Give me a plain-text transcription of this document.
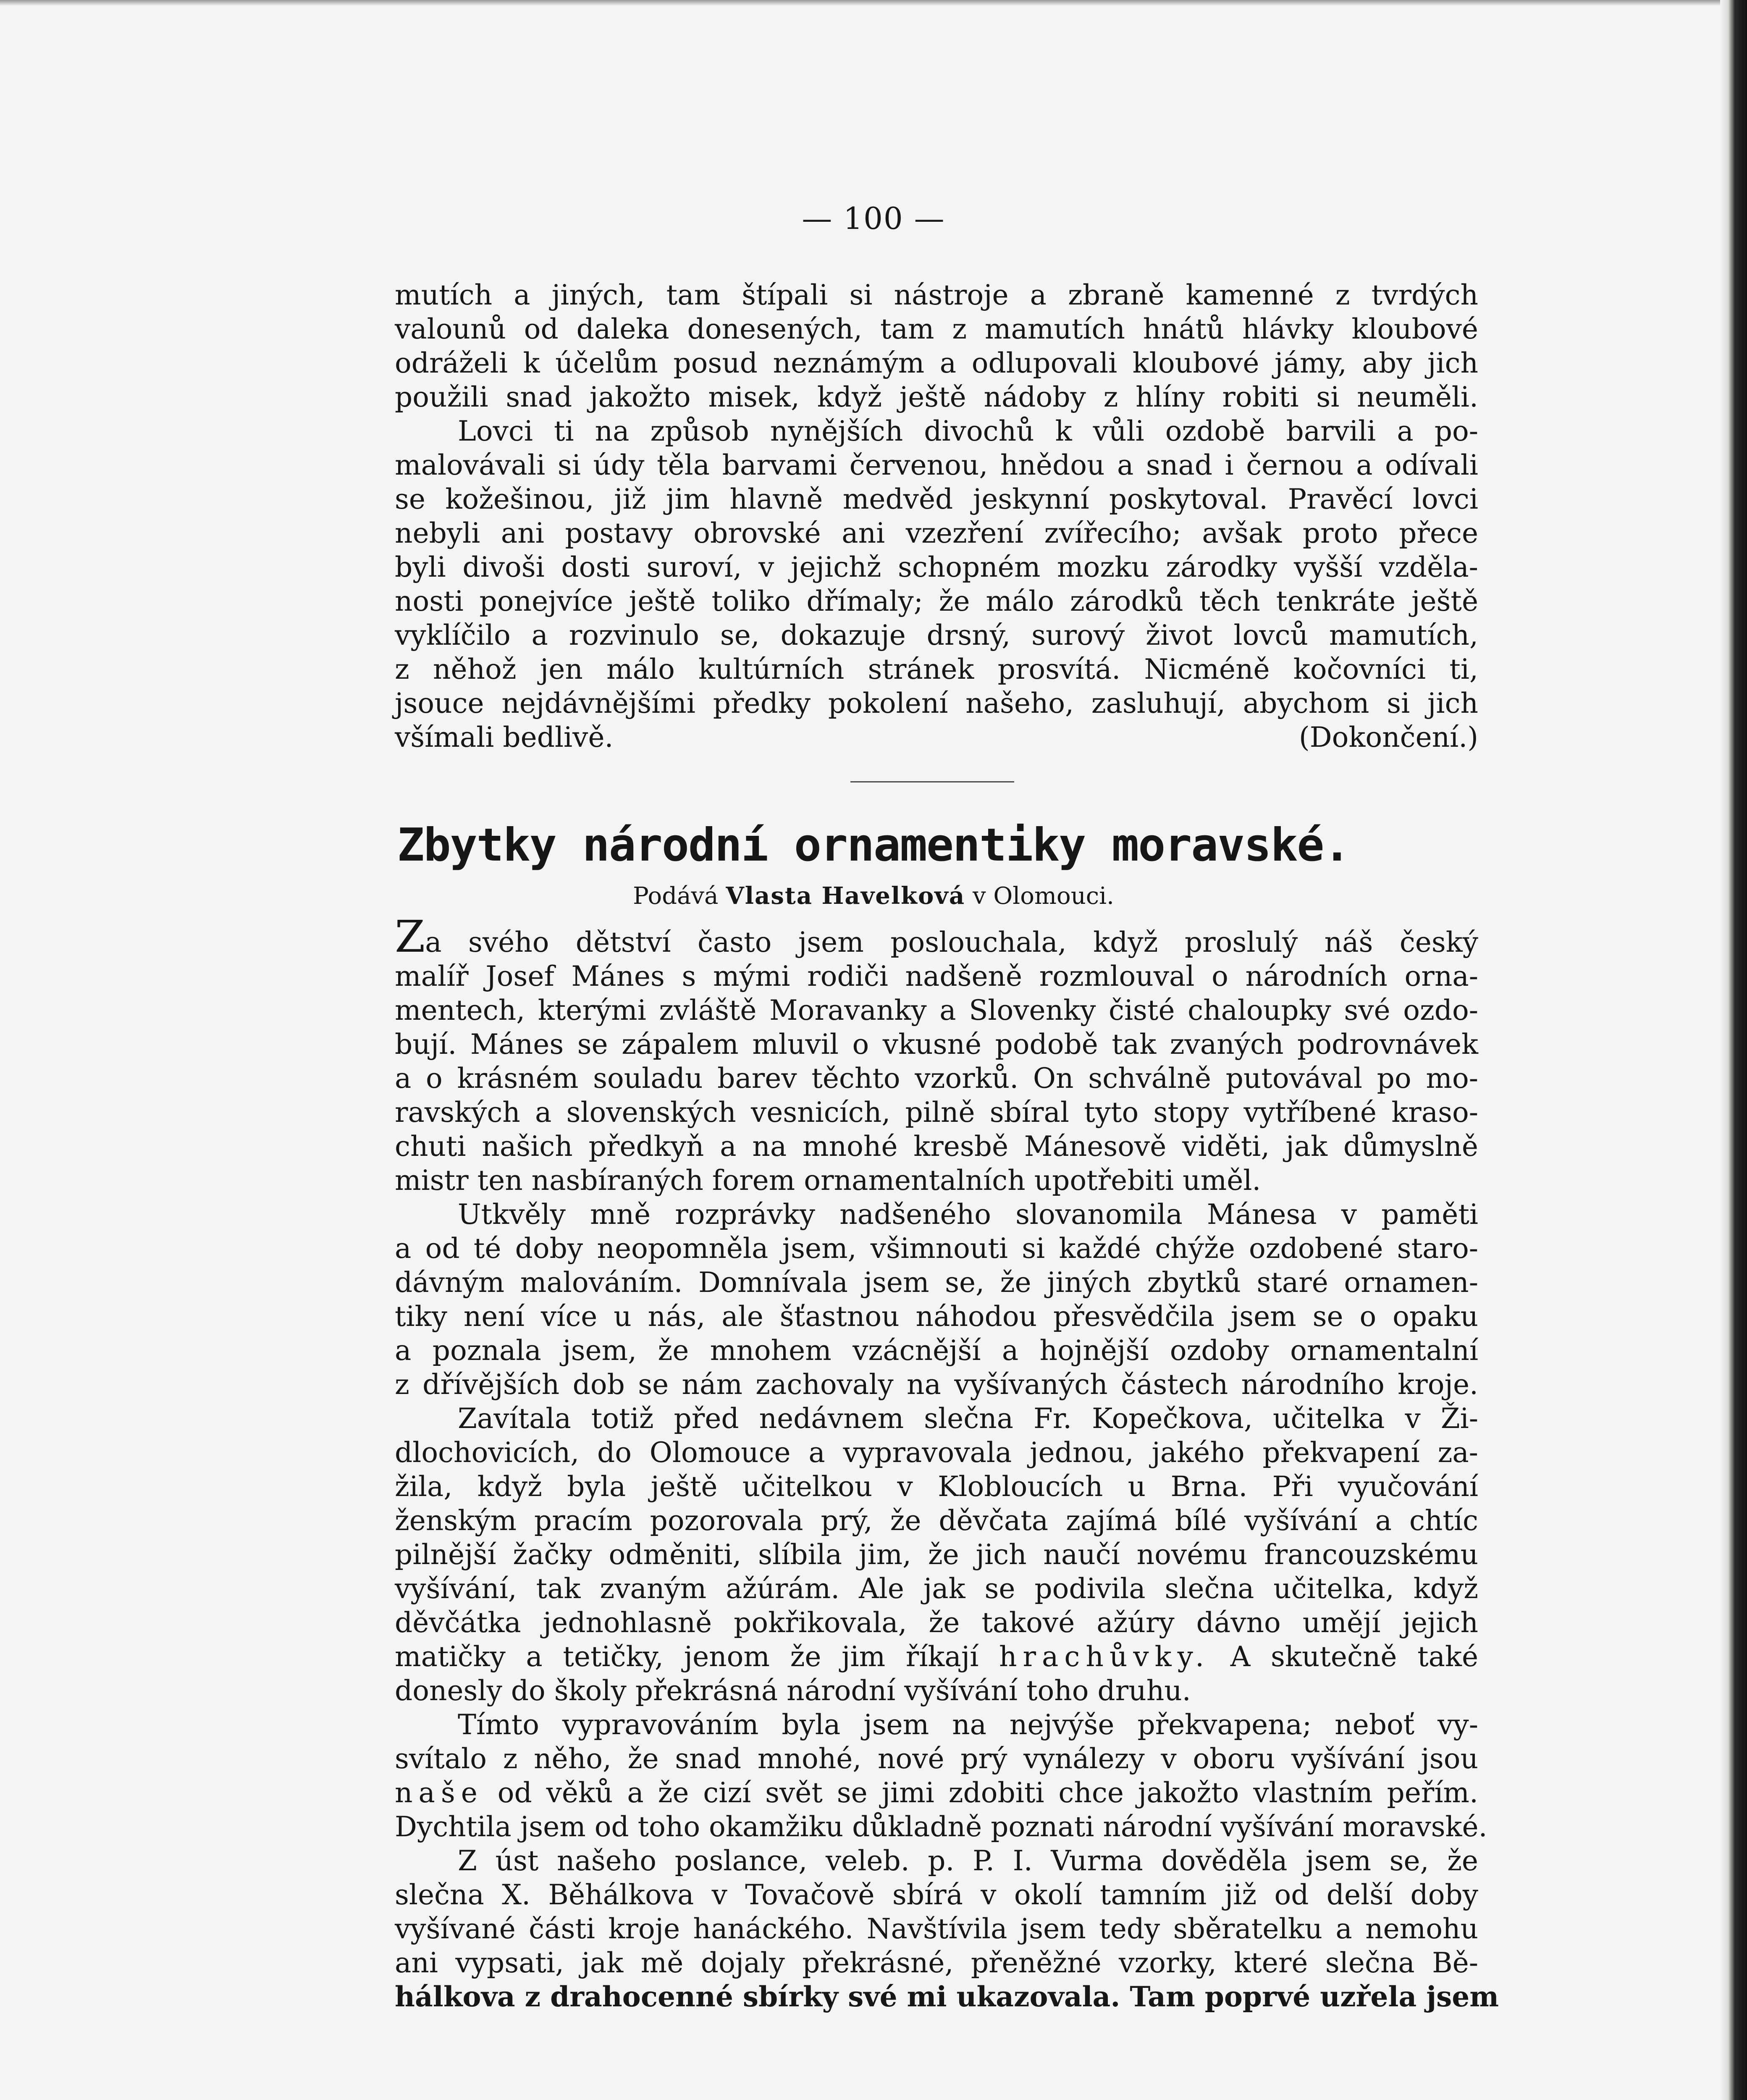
— 100 —
mutích a jiných, tam štípali si nástroje a zbraně kamenné z tvrdých
valounů od daleka donesených, tam z mamutích hnátů hlávky kloubové
odráželi k účelům posud neznámým a odlupovali kloubové jámy, aby jich
použili snad jakožto misek, když ještě nádoby z hlíny robiti si neuměli.
Lovci ti na způsob nynějších divochů k vůli ozdobě barvili a po-
malovávali si údy těla barvami červenou, hnědou a snad i černou a odívali
se kožešinou, již jim hlavně medvěd jeskynní poskytoval. Pravěcí lovci
nebyli ani postavy obrovské ani vzezření zvířecího; avšak proto přece
byli divoši dosti suroví, v jejichž schopném mozku zárodky vyšší vzděla-
nosti ponejvíce ještě toliko dřímaly; že málo zárodků těch tenkráte ještě
vyklíčilo a rozvinulo se, dokazuje drsný, surový život lovců mamutích,
z něhož jen málo kultúrních stránek prosvítá. Nicméně kočovníci ti,
jsouce nejdávnějšími předky pokolení našeho, zasluhují, abychom si jich
všímali bedlivě.	(Dokončení.)
Zbytky národní ornamentiky moravské.
Podává Vlasta Havelková v Olomouci.
Za svého dětství často jsem poslouchala, když proslulý náš český
malíř Josef Mánes s mými rodiči nadšeně rozmlouval o národních orna-
mentech, kterými zvláště Moravanky a Slovenky čisté chaloupky své ozdo-
bují. Mánes se zápalem mluvil o vkusné podobě tak zvaných podrovnávek
a o krásném souladu barev těchto vzorků. On schválně putovával po mo-
ravských a slovenských vesnicích, pilně sbíral tyto stopy vytříbené kraso-
chuti našich předkyň a na mnohé kresbě Mánesově viděti, jak důmyslně
mistr ten nasbíraných forem ornamentalních upotřebiti uměl.
Utkvěly mně rozprávky nadšeného slovanomila Mánesa v paměti
a od té doby neopomněla jsem, všimnouti si každé chýže ozdobené staro-
dávným malováním. Domnívala jsem se, že jiných zbytků staré ornamen-
tiky není více u nás, ale šťastnou náhodou přesvědčila jsem se o opaku
a poznala jsem, že mnohem vzácnější a hojnější ozdoby ornamentalní
z dřívějších dob se nám zachovaly na vyšívaných částech národního kroje.
Zavítala totiž před nedávnem slečna Fr. Kopečkova, učitelka v Ži-
dlochovicích, do Olomouce a vypravovala jednou, jakého překvapení za-
žila, když byla ještě učitelkou v Klobloucích u Brna. Při vyučování
ženským pracím pozorovala prý, že děvčata zajímá bílé vyšívání a chtíc
pilnější žačky odměniti, slíbila jim, že jich naučí novému francouzskému
vyšívání, tak zvaným ažúrám. Ale jak se podivila slečna učitelka, když
děvčátka jednohlasně pokřikovala, že takové ažúry dávno umějí jejich
matičky a tetičky, jenom že jim říkají hrachůvky. A skutečně také
donesly do školy překrásná národní vyšívání toho druhu.
Tímto vypravováním byla jsem na nejvýše překvapena; neboť vy-
svítalo z něho, že snad mnohé, nové prý vynálezy v oboru vyšívání jsou
naše od věků a že cizí svět se jimi zdobiti chce jakožto vlastním peřím.
Dychtila jsem od toho okamžiku důkladně poznati národní vyšívání moravské.
Z úst našeho poslance, veleb. p. P. I. Vurma dověděla jsem se, že
slečna X. Běhálkova v Tovačově sbírá v okolí tamním již od delší doby
vyšívané části kroje hanáckého. Navštívila jsem tedy sběratelku a nemohu
ani vypsati, jak mě dojaly překrásné, přeněžné vzorky, které slečna Bě-
hálkova z drahocenné sbírky své mi ukazovala. Tam poprvé uzřela jsem
